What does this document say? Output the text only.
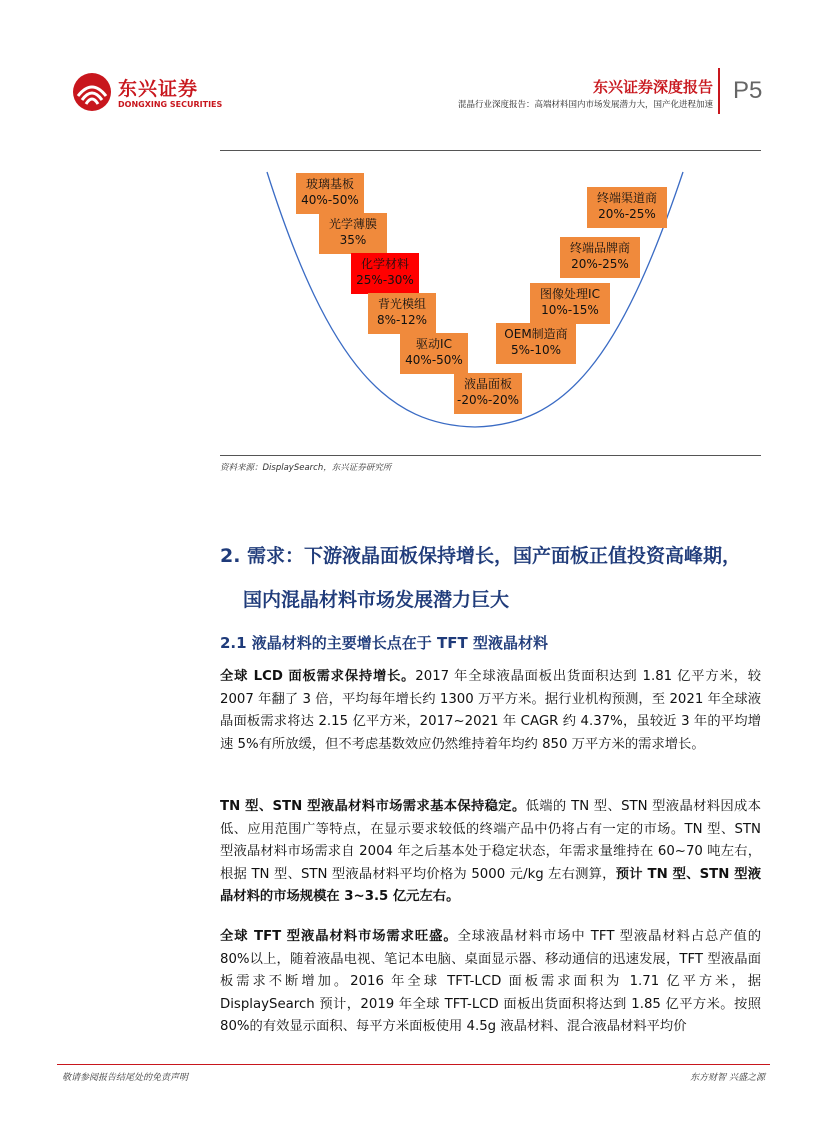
东兴证券
DONGXING SECURITIES
东兴证券深度报告
混晶行业深度报告：高端材料国内市场发展潜力大，国产化进程加速
P5
玻璃基板
40%-50%
光学薄膜
35%
化学材料
25%-30%
背光模组
8%-12%
驱动IC
40%-50%
液晶面板
-20%-20%
OEM制造商
5%-10%
图像处理IC
10%-15%
终端品牌商
20%-25%
终端渠道商
20%-25%
资料来源：DisplaySearch，东兴证券研究所
2. 需求：下游液晶面板保持增长，国产面板正值投资高峰期，
国内混晶材料市场发展潜力巨大
2.1 液晶材料的主要增长点在于 TFT 型液晶材料
全球 LCD 面板需求保持增长。2017 年全球液晶面板出货面积达到 1.81 亿平方米，较 2007 年翻了 3 倍，平均每年增长约 1300 万平方米。据行业机构预测，至 2021 年全球液晶面板需求将达 2.15 亿平方米，2017~2021 年 CAGR 约 4.37%，虽较近 3 年的平均增速 5%有所放缓，但不考虑基数效应仍然维持着年均约 850 万平方米的需求增长。
TN 型、STN 型液晶材料市场需求基本保持稳定。低端的 TN 型、STN 型液晶材料因成本低、应用范围广等特点，在显示要求较低的终端产品中仍将占有一定的市场。TN 型、STN 型液晶材料市场需求自 2004 年之后基本处于稳定状态，年需求量维持在 60~70 吨左右，根据 TN 型、STN 型液晶材料平均价格为 5000 元/kg 左右测算，预计 TN 型、STN 型液晶材料的市场规模在 3~3.5 亿元左右。
全球 TFT 型液晶材料市场需求旺盛。全球液晶材料市场中 TFT 型液晶材料占总产值的 80%以上，随着液晶电视、笔记本电脑、桌面显示器、移动通信的迅速发展，TFT 型液晶面板需求不断增加。2016 年全球 TFT-LCD 面板需求面积为 1.71 亿平方米，据 DisplaySearch 预计，2019 年全球 TFT-LCD 面板出货面积将达到 1.85 亿平方米。按照 80%的有效显示面积、每平方米面板使用 4.5g 液晶材料、混合液晶材料平均价
敬请参阅报告结尾处的免责声明	东方财智 兴盛之源
